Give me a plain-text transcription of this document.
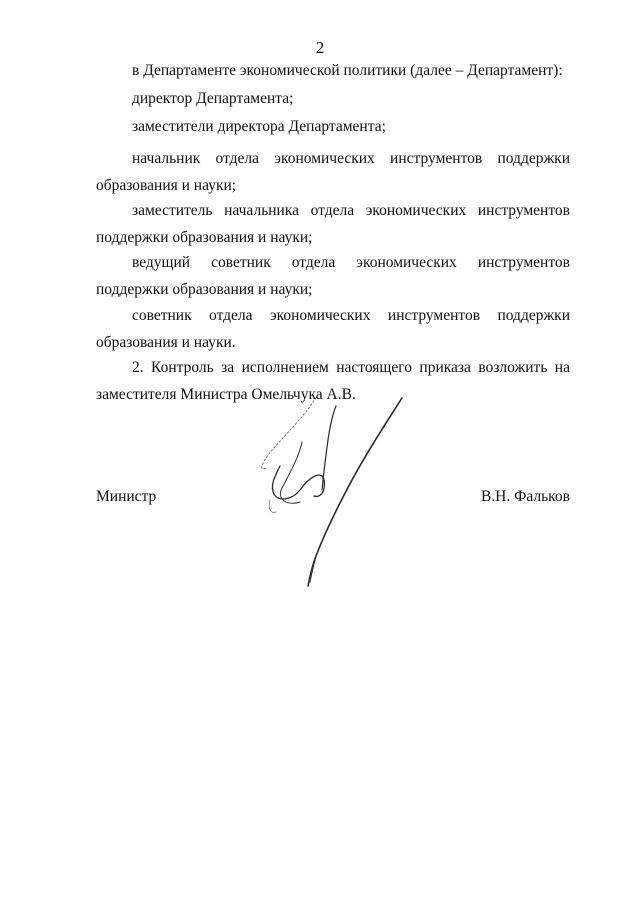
2
в Департаменте экономической политики (далее – Департамент):
директор Департамента;
заместители директора Департамента;
начальник отдела экономических инструментов поддержки образования и науки;
заместитель начальника отдела экономических инструментов поддержки образования и науки;
ведущий советник отдела экономических инструментов поддержки образования и науки;
советник отдела экономических инструментов поддержки образования и науки.
2. Контроль за исполнением настоящего приказа возложить на заместителя Министра Омельчука А.В.
Министр	В.Н. Фальков
